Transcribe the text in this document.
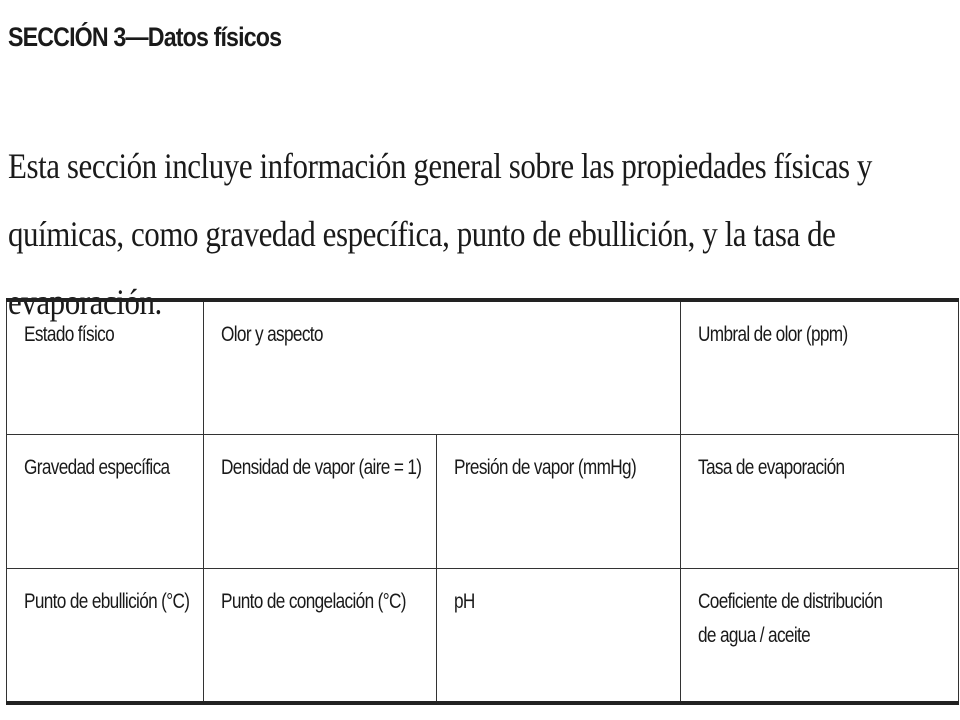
SECCIÓN 3—Datos físicos

Esta sección incluye información general sobre las propiedades físicas y químicas, como gravedad específica, punto de ebullición, y la tasa de evaporación.

Estado físico	Olor y aspecto		Umbral de olor (ppm)
Gravedad específica	Densidad de vapor (aire = 1)	Presión de vapor (mmHg)	Tasa de evaporación
Punto de ebullición (°C)	Punto de congelación (°C)	pH	Coeficiente de distribución
de agua / aceite
